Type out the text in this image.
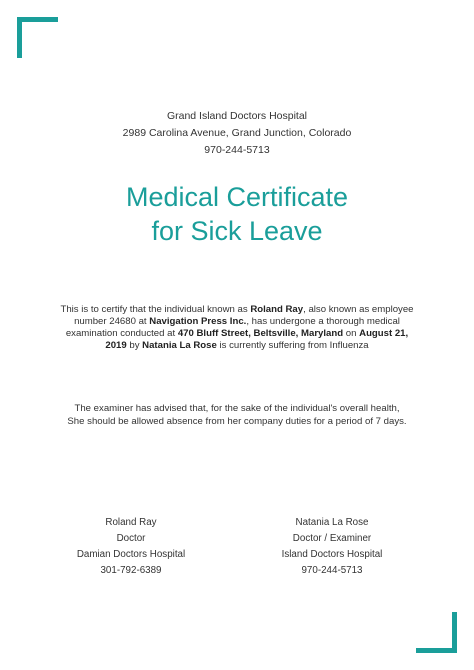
Grand Island Doctors Hospital
2989 Carolina Avenue, Grand Junction, Colorado
970-244-5713
Medical Certificate
for Sick Leave
This is to certify that the individual known as Roland Ray, also known as employee number 24680 at Navigation Press Inc., has undergone a thorough medical examination conducted at 470 Bluff Street, Beltsville, Maryland on August 21, 2019 by Natania La Rose is currently suffering from Influenza
The examiner has advised that, for the sake of the individual's overall health,
She should be allowed absence from her company duties for a period of 7 days.
Roland Ray
Doctor
Damian Doctors Hospital
301-792-6389
Natania La Rose
Doctor / Examiner
Island Doctors Hospital
970-244-5713
